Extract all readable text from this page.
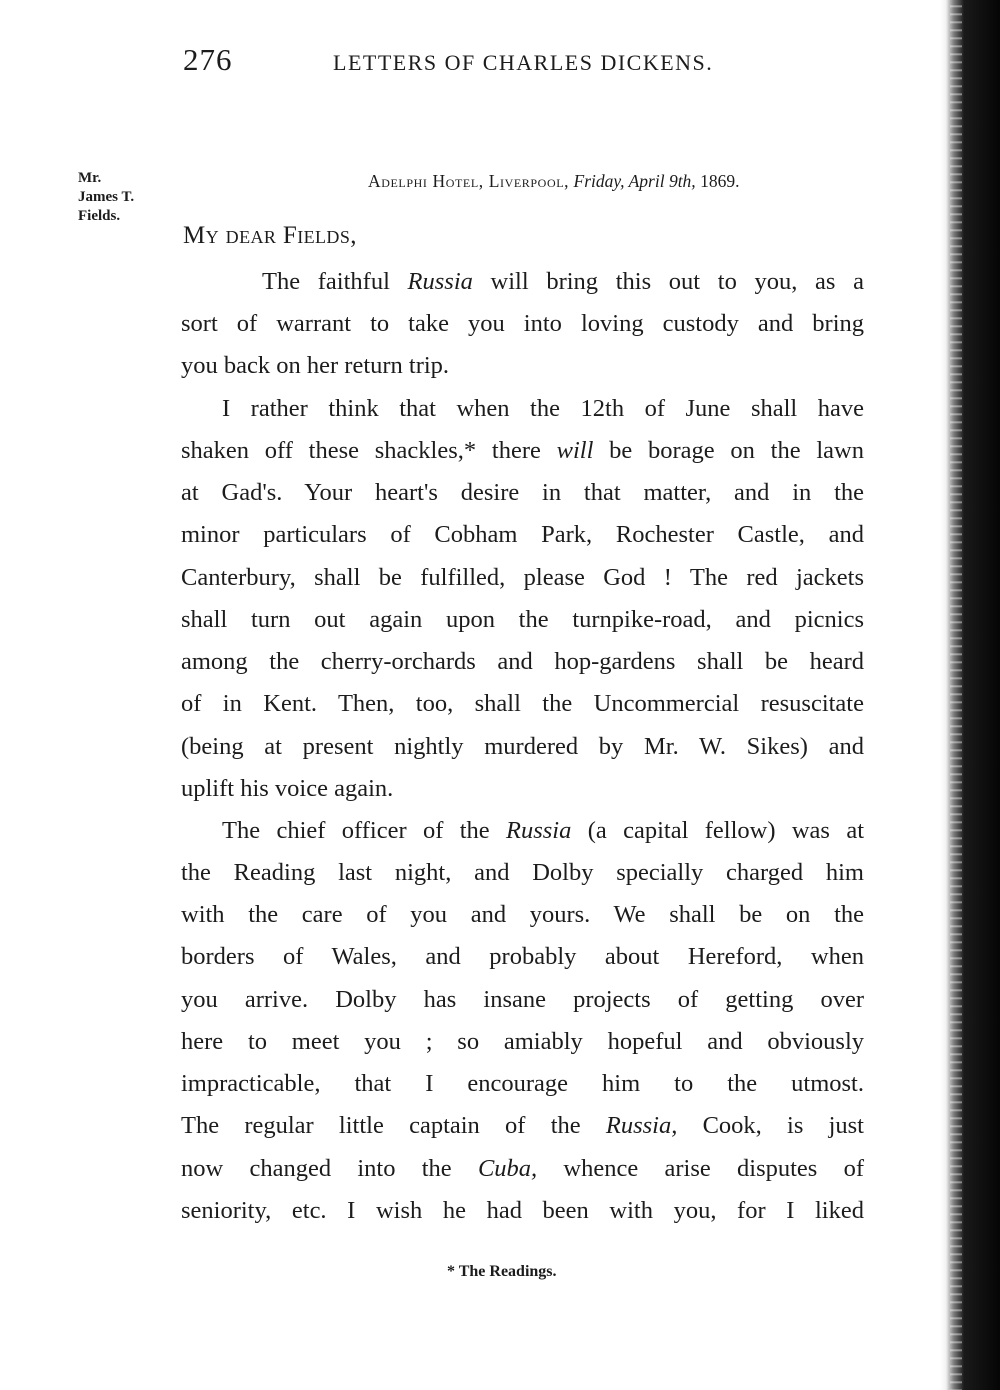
276	LETTERS OF CHARLES DICKENS.
Mr.
James T.
Fields.
Adelphi Hotel, Liverpool, Friday, April 9th, 1869.
My dear Fields,
The faithful Russia will bring this out to you, as a
sort of warrant to take you into loving custody and bring
you back on her return trip.
I rather think that when the 12th of June shall have
shaken off these shackles,* there will be borage on the lawn
at Gad's. Your heart's desire in that matter, and in the
minor particulars of Cobham Park, Rochester Castle, and
Canterbury, shall be fulfilled, please God ! The red jackets
shall turn out again upon the turnpike-road, and picnics
among the cherry-orchards and hop-gardens shall be heard
of in Kent. Then, too, shall the Uncommercial resuscitate
(being at present nightly murdered by Mr. W. Sikes) and
uplift his voice again.
The chief officer of the Russia (a capital fellow) was at
the Reading last night, and Dolby specially charged him
with the care of you and yours. We shall be on the
borders of Wales, and probably about Hereford, when
you arrive. Dolby has insane projects of getting over
here to meet you ; so amiably hopeful and obviously
impracticable, that I encourage him to the utmost.
The regular little captain of the Russia, Cook, is just
now changed into the Cuba, whence arise disputes of
seniority, etc. I wish he had been with you, for I liked
* The Readings.
